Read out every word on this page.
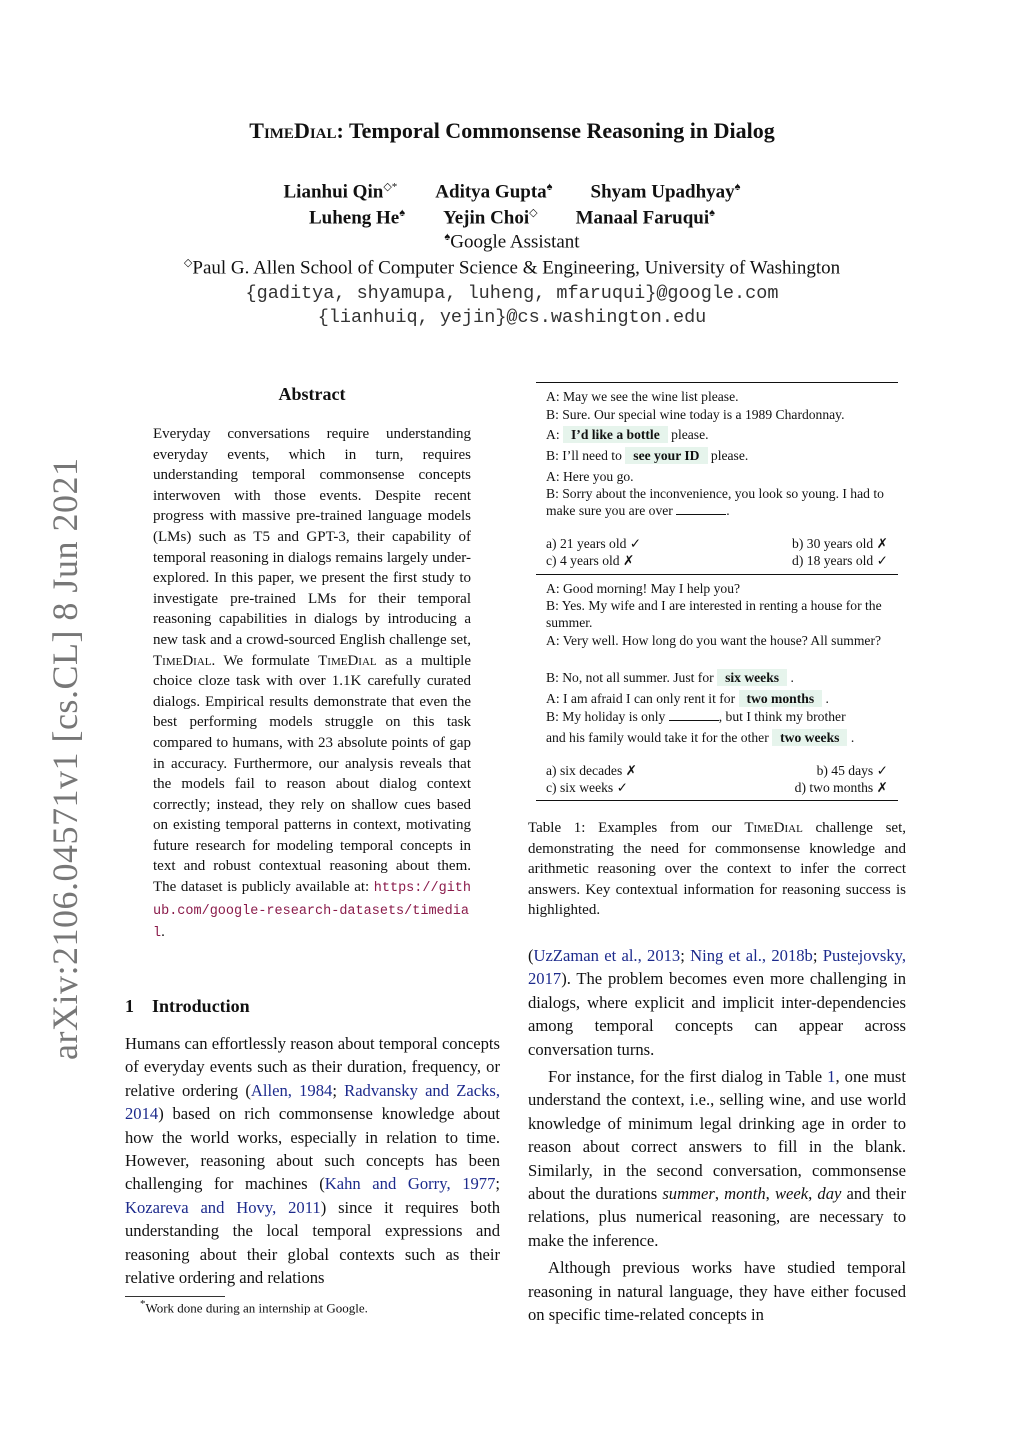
TimeDial: Temporal Commonsense Reasoning in Dialog
Lianhui Qin◇* Aditya Gupta♠ Shyam Upadhyay♠
Luheng He♠ Yejin Choi◇ Manaal Faruqui♠
♠Google Assistant
◇Paul G. Allen School of Computer Science & Engineering, University of Washington
{gaditya, shyamupa, luheng, mfaruqui}@google.com
{lianhuiq, yejin}@cs.washington.edu
arXiv:2106.04571v1 [cs.CL] 8 Jun 2021
Abstract
Everyday conversations require understanding everyday events, which in turn, requires understanding temporal commonsense concepts interwoven with those events. Despite recent progress with massive pre-trained language models (LMs) such as T5 and GPT-3, their capability of temporal reasoning in dialogs remains largely under-explored. In this paper, we present the first study to investigate pre-trained LMs for their temporal reasoning capabilities in dialogs by introducing a new task and a crowd-sourced English challenge set, TimeDial. We formulate TimeDial as a multiple choice cloze task with over 1.1K carefully curated dialogs. Empirical results demonstrate that even the best performing models struggle on this task compared to humans, with 23 absolute points of gap in accuracy. Furthermore, our analysis reveals that the models fail to reason about dialog context correctly; instead, they rely on shallow cues based on existing temporal patterns in context, motivating future research for modeling temporal concepts in text and robust contextual reasoning about them. The dataset is publicly available at: https://github.com/google-research-datasets/timedial.
1 Introduction
Humans can effortlessly reason about temporal concepts of everyday events such as their duration, frequency, or relative ordering (Allen, 1984; Radvansky and Zacks, 2014) based on rich commonsense knowledge about how the world works, especially in relation to time. However, reasoning about such concepts has been challenging for machines (Kahn and Gorry, 1977; Kozareva and Hovy, 2011) since it requires both understanding the local temporal expressions and reasoning about their global contexts such as their relative ordering and relations
*Work done during an internship at Google.
A: May we see the wine list please.
B: Sure. Our special wine today is a 1989 Chardonnay.
A: I’d like a bottle please.
B: I’ll need to see your ID please.
A: Here you go.
B: Sorry about the inconvenience, you look so young. I had to make sure you are over	.
a) 21 years old ✓	b) 30 years old ✗
c) 4 years old ✗	d) 18 years old ✓
A: Good morning! May I help you?
B: Yes. My wife and I are interested in renting a house for the summer.
A: Very well. How long do you want the house? All summer?
B: No, not all summer. Just for six weeks .
A: I am afraid I can only rent it for two months .
B: My holiday is only	, but I think my brother
and his family would take it for the other two weeks .
a) six decades ✗	b) 45 days ✓
c) six weeks ✓	d) two months ✗
Table 1: Examples from our TimeDial challenge set, demonstrating the need for commonsense knowledge and arithmetic reasoning over the context to infer the correct answers. Key contextual information for reasoning success is highlighted.

(UzZaman et al., 2013; Ning et al., 2018b; Pustejovsky, 2017). The problem becomes even more challenging in dialogs, where explicit and implicit inter-dependencies among temporal concepts can appear across conversation turns.

For instance, for the first dialog in Table 1, one must understand the context, i.e., selling wine, and use world knowledge of minimum legal drinking age in order to reason about correct answers to fill in the blank. Similarly, in the second conversation, commonsense about the durations summer, month, week, day and their relations, plus numerical reasoning, are necessary to make the inference.

Although previous works have studied temporal reasoning in natural language, they have either focused on specific time-related concepts in
